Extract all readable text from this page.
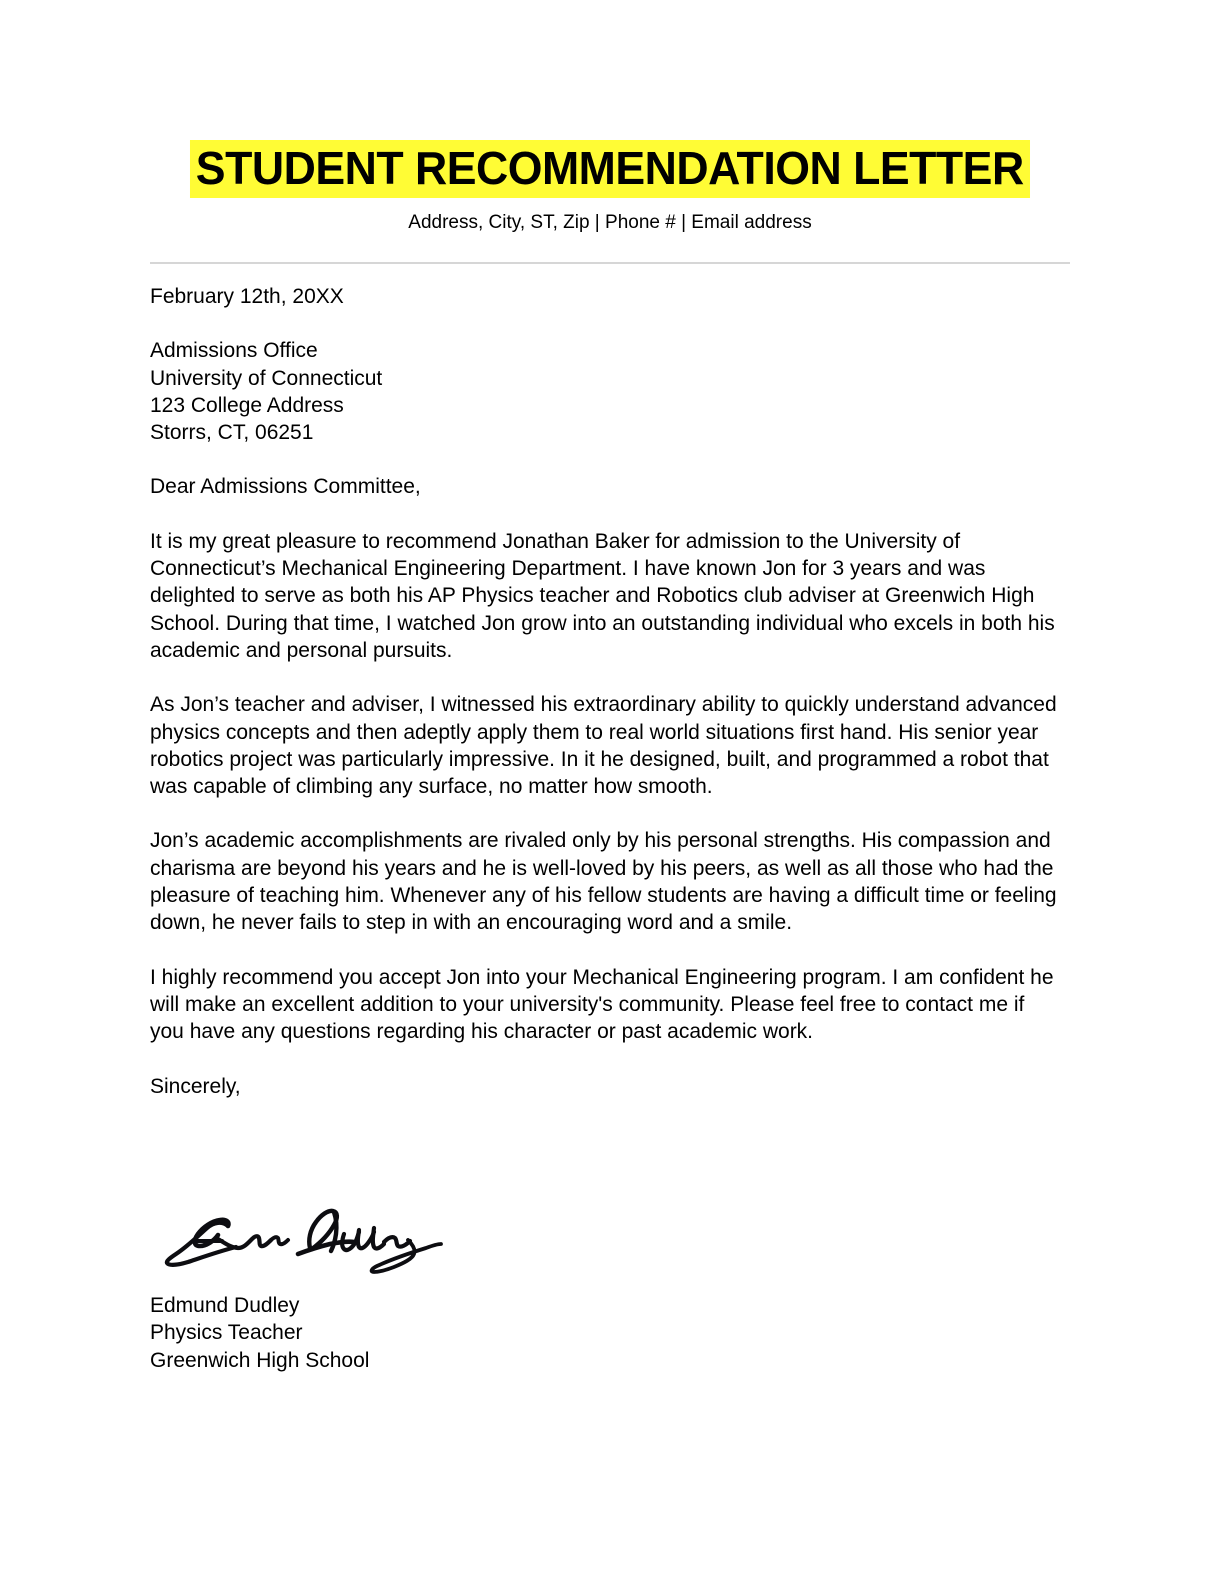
STUDENT RECOMMENDATION LETTER
Address, City, ST, Zip | Phone # | Email address

February 12th, 20XX

Admissions Office
University of Connecticut
123 College Address
Storrs, CT, 06251

Dear Admissions Committee,

It is my great pleasure to recommend Jonathan Baker for admission to the University of Connecticut’s Mechanical Engineering Department. I have known Jon for 3 years and was delighted to serve as both his AP Physics teacher and Robotics club adviser at Greenwich High School. During that time, I watched Jon grow into an outstanding individual who excels in both his academic and personal pursuits.

As Jon’s teacher and adviser, I witnessed his extraordinary ability to quickly understand advanced physics concepts and then adeptly apply them to real world situations first hand. His senior year robotics project was particularly impressive. In it he designed, built, and programmed a robot that was capable of climbing any surface, no matter how smooth.

Jon’s academic accomplishments are rivaled only by his personal strengths. His compassion and charisma are beyond his years and he is well-loved by his peers, as well as all those who had the pleasure of teaching him. Whenever any of his fellow students are having a difficult time or feeling down, he never fails to step in with an encouraging word and a smile.

I highly recommend you accept Jon into your Mechanical Engineering program. I am confident he will make an excellent addition to your university's community. Please feel free to contact me if you have any questions regarding his character or past academic work.

Sincerely,

Edmund Dudley
Physics Teacher
Greenwich High School
